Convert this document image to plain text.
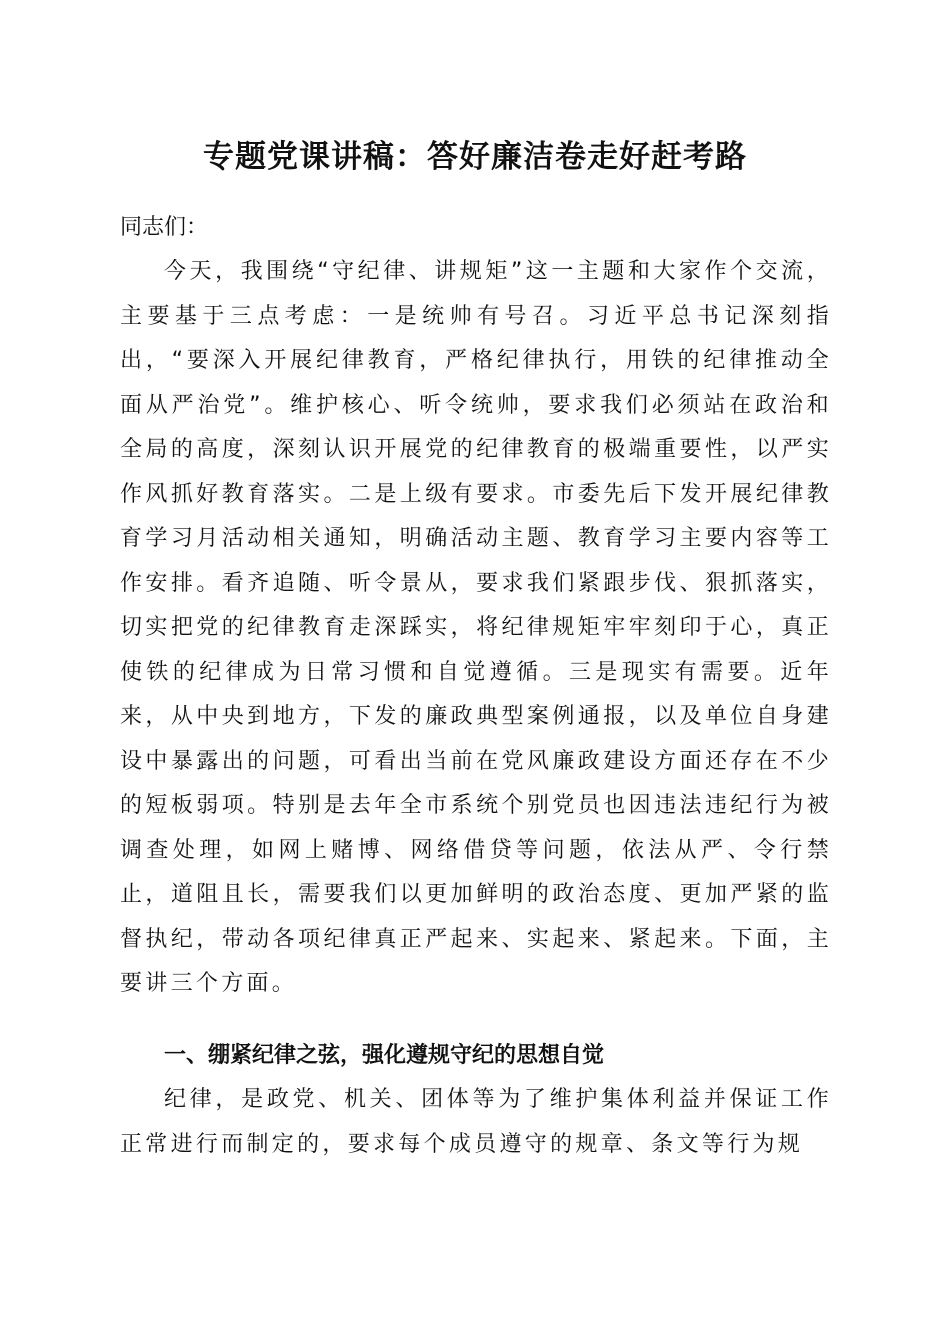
专题党课讲稿：答好廉洁卷走好赶考路
同志们：

今天，我围绕“守纪律、讲规矩”这一主题和大家作个交流，主要基于三点考虑：一是统帅有号召。习近平总书记深刻指出，“要深入开展纪律教育，严格纪律执行，用铁的纪律推动全面从严治党”。维护核心、听令统帅，要求我们必须站在政治和全局的高度，深刻认识开展党的纪律教育的极端重要性，以严实作风抓好教育落实。二是上级有要求。市委先后下发开展纪律教育学习月活动相关通知，明确活动主题、教育学习主要内容等工作安排。看齐追随、听令景从，要求我们紧跟步伐、狠抓落实，切实把党的纪律教育走深踩实，将纪律规矩牢牢刻印于心，真正使铁的纪律成为日常习惯和自觉遵循。三是现实有需要。近年来，从中央到地方，下发的廉政典型案例通报，以及单位自身建设中暴露出的问题，可看出当前在党风廉政建设方面还存在不少的短板弱项。特别是去年全市系统个别党员也因违法违纪行为被调查处理，如网上赌博、网络借贷等问题，依法从严、令行禁止，道阻且长，需要我们以更加鲜明的政治态度、更加严紧的监督执纪，带动各项纪律真正严起来、实起来、紧起来。下面，主要讲三个方面。

一、绷紧纪律之弦，强化遵规守纪的思想自觉

纪律，是政党、机关、团体等为了维护集体利益并保证工作正常进行而制定的，要求每个成员遵守的规章、条文等行为规
